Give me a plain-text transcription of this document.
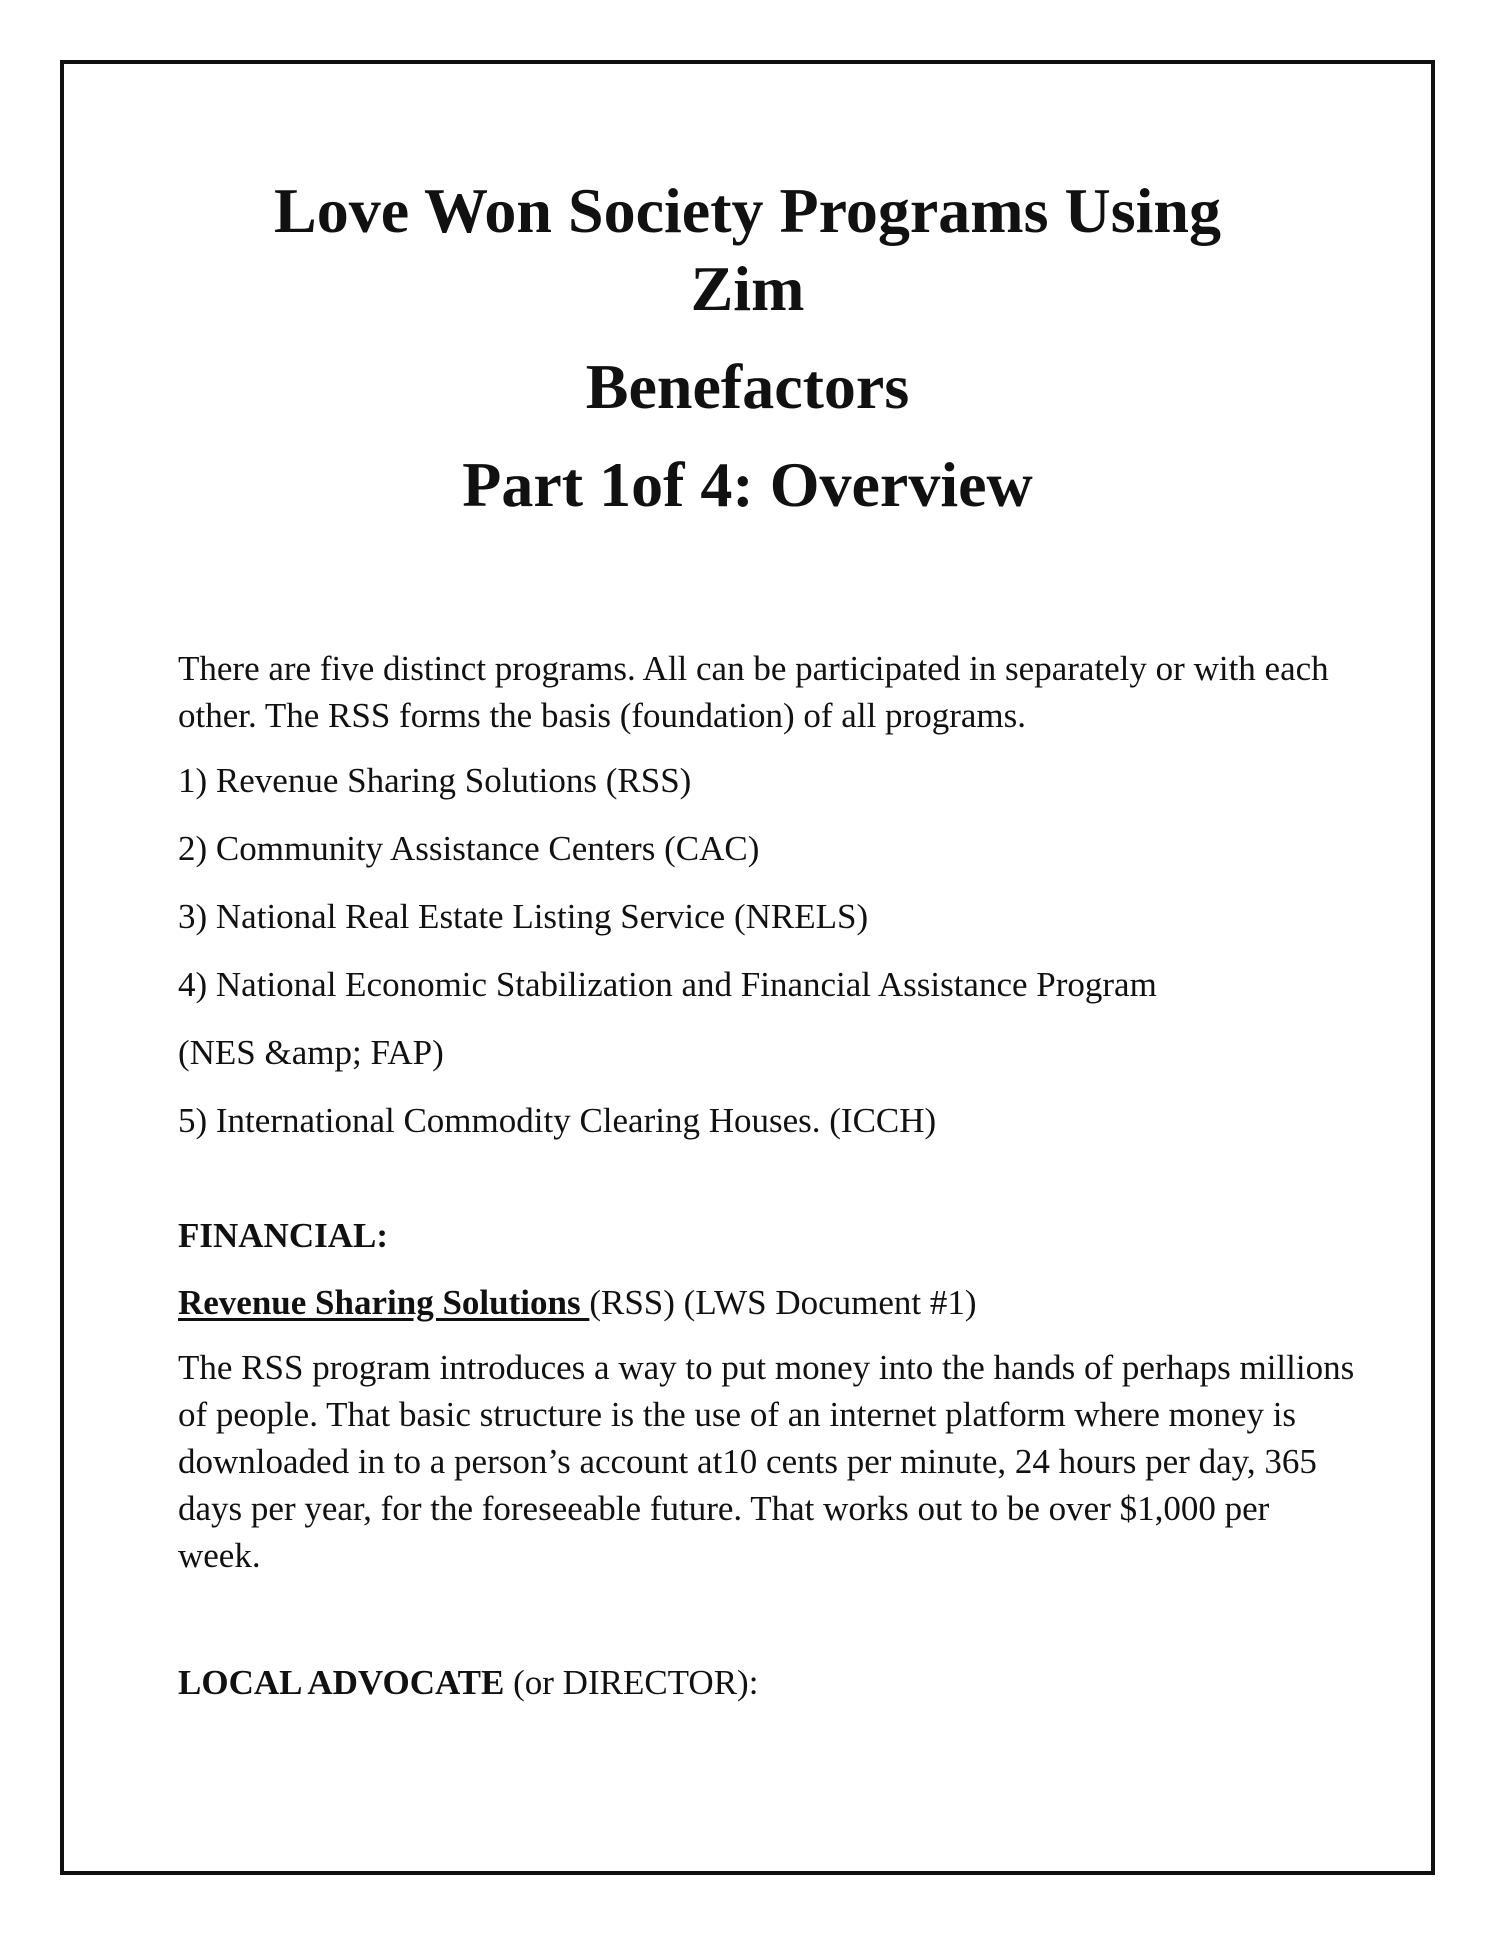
Love Won Society Programs Using
Zim
Benefactors
Part 1of 4: Overview

There are five distinct programs. All can be participated in separately or with each other. The RSS forms the basis (foundation) of all programs.

1) Revenue Sharing Solutions (RSS)

2) Community Assistance Centers (CAC)

3) National Real Estate Listing Service (NRELS)

4) National Economic Stabilization and Financial Assistance Program

(NES &amp; FAP)

5) International Commodity Clearing Houses. (ICCH)

FINANCIAL:

Revenue Sharing Solutions (RSS) (LWS Document #1)

The RSS program introduces a way to put money into the hands of perhaps millions of people. That basic structure is the use of an internet platform where money is downloaded in to a person’s account at10 cents per minute, 24 hours per day, 365 days per year, for the foreseeable future. That works out to be over $1,000 per week.

LOCAL ADVOCATE (or DIRECTOR):
